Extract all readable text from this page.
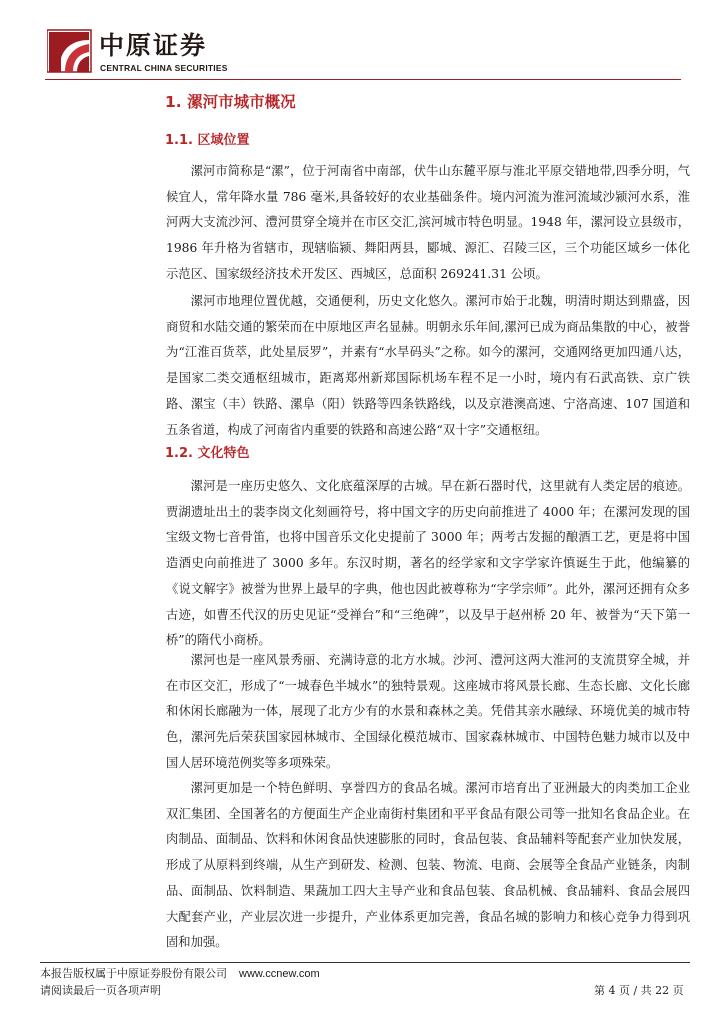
中原证券
CENTRAL CHINA SECURITIES
1. 漯河市城市概况
1.1. 区域位置

漯河市简称是“漯”，位于河南省中南部，伏牛山东麓平原与淮北平原交错地带,四季分明，气候宜人，常年降水量 786 毫米,具备较好的农业基础条件。境内河流为淮河流域沙颍河水系，淮河两大支流沙河、澧河贯穿全境并在市区交汇,滨河城市特色明显。1948 年，漯河设立县级市，1986 年升格为省辖市，现辖临颍、舞阳两县，郾城、源汇、召陵三区，三个功能区域乡一体化示范区、国家级经济技术开发区、西城区，总面积 269241.31 公顷。

漯河市地理位置优越，交通便利，历史文化悠久。漯河市始于北魏，明清时期达到鼎盛，因商贸和水陆交通的繁荣而在中原地区声名显赫。明朝永乐年间,漯河已成为商品集散的中心，被誉为“江淮百货萃，此处星辰罗”，并素有“水旱码头”之称。如今的漯河，交通网络更加四通八达，是国家二类交通枢纽城市，距离郑州新郑国际机场车程不足一小时，境内有石武高铁、京广铁路、漯宝（丰）铁路、漯阜（阳）铁路等四条铁路线，以及京港澳高速、宁洛高速、107 国道和五条省道，构成了河南省内重要的铁路和高速公路“双十字”交通枢纽。

1.2. 文化特色

漯河是一座历史悠久、文化底蕴深厚的古城。早在新石器时代，这里就有人类定居的痕迹。贾湖遗址出土的裴李岗文化刻画符号，将中国文字的历史向前推进了 4000 年；在漯河发现的国宝级文物七音骨笛，也将中国音乐文化史提前了 3000 年；两考古发掘的酿酒工艺，更是将中国造酒史向前推进了 3000 多年。东汉时期，著名的经学家和文字学家许慎诞生于此，他编纂的《说文解字》被誉为世界上最早的字典，他也因此被尊称为“字学宗师”。此外，漯河还拥有众多古迹，如曹丕代汉的历史见证“受禅台”和“三绝碑”，以及早于赵州桥 20 年、被誉为“天下第一桥”的隋代小商桥。

漯河也是一座风景秀丽、充满诗意的北方水城。沙河、澧河这两大淮河的支流贯穿全城，并在市区交汇，形成了“一城春色半城水”的独特景观。这座城市将风景长廊、生态长廊、文化长廊和休闲长廊融为一体，展现了北方少有的水景和森林之美。凭借其亲水融绿、环境优美的城市特色，漯河先后荣获国家园林城市、全国绿化模范城市、国家森林城市、中国特色魅力城市以及中国人居环境范例奖等多项殊荣。

漯河更加是一个特色鲜明、享誉四方的食品名城。漯河市培育出了亚洲最大的肉类加工企业双汇集团、全国著名的方便面生产企业南街村集团和平平食品有限公司等一批知名食品企业。在肉制品、面制品、饮料和休闲食品快速膨胀的同时，食品包装、食品辅料等配套产业加快发展，形成了从原料到终端，从生产到研发、检测、包装、物流、电商、会展等全食品产业链条，肉制品、面制品、饮料制造、果蔬加工四大主导产业和食品包装、食品机械、食品辅料、食品会展四大配套产业，产业层次进一步提升，产业体系更加完善，食品名城的影响力和核心竞争力得到巩固和加强。

本报告版权属于中原证券股份有限公司 www.ccnew.com
请阅读最后一页各项声明	第 4 页 / 共 22 页
